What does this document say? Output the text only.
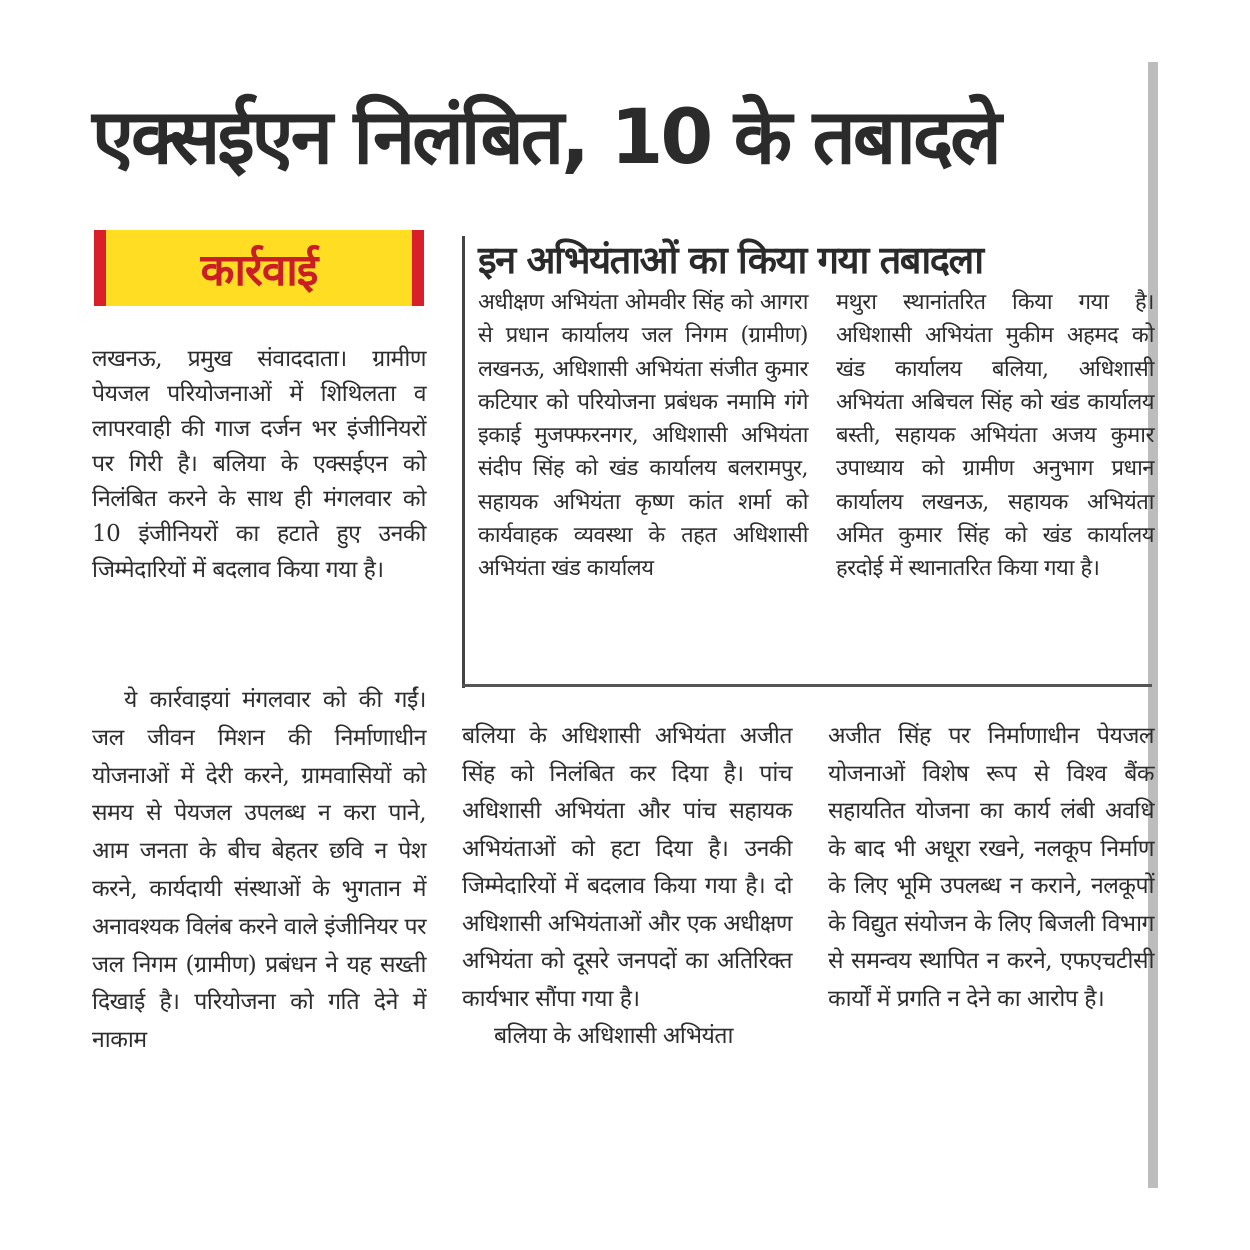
एक्सईएन निलंबित, 10 के तबादले
कार्रवाई	इन अभियंताओं का किया गया तबादला

अधीक्षण अभियंता ओमवीर सिंह को आगरा से प्रधान कार्यालय जल निगम (ग्रामीण) लखनऊ, अधिशासी अभियंता संजीत कुमार कटियार को परियोजना प्रबंधक नमामि गंगे इकाई मुजफ्फरनगर, अधिशासी अभियंता संदीप सिंह को खंड कार्यालय बलरामपुर, सहायक अभियंता कृष्ण कांत शर्मा को कार्यवाहक व्यवस्था के तहत अधिशासी अभियंता खंड कार्यालय

मथुरा स्थानांतरित किया गया है। अधिशासी अभियंता मुकीम अहमद को खंड कार्यालय बलिया, अधिशासी अभियंता अबिचल सिंह को खंड कार्यालय बस्ती, सहायक अभियंता अजय कुमार उपाध्याय को ग्रामीण अनुभाग प्रधान कार्यालय लखनऊ, सहायक अभियंता अमित कुमार सिंह को खंड कार्यालय हरदोई में स्थानातरित किया गया है।

लखनऊ, प्रमुख संवाददाता। ग्रामीण पेयजल परियोजनाओं में शिथिलता व लापरवाही की गाज दर्जन भर इंजीनियरों पर गिरी है। बलिया के एक्सईएन को निलंबित करने के साथ ही मंगलवार को 10 इंजीनियरों का हटाते हुए उनकी जिम्मेदारियों में बदलाव किया गया है।

ये कार्रवाइयां मंगलवार को की गईं। जल जीवन मिशन की निर्माणाधीन योजनाओं में देरी करने, ग्रामवासियों को समय से पेयजल उपलब्ध न करा पाने, आम जनता के बीच बेहतर छवि न पेश करने, कार्यदायी संस्थाओं के भुगतान में अनावश्यक विलंब करने वाले इंजीनियर पर जल निगम (ग्रामीण) प्रबंधन ने यह सख्ती दिखाई है। परियोजना को गति देने में नाकाम

बलिया के अधिशासी अभियंता अजीत सिंह को निलंबित कर दिया है। पांच अधिशासी अभियंता और पांच सहायक अभियंताओं को हटा दिया है। उनकी जिम्मेदारियों में बदलाव किया गया है। दो अधिशासी अभियंताओं और एक अधीक्षण अभियंता को दूसरे जनपदों का अतिरिक्त कार्यभार सौंपा गया है।

बलिया के अधिशासी अभियंता

अजीत सिंह पर निर्माणाधीन पेयजल योजनाओं विशेष रूप से विश्व बैंक सहायतित योजना का कार्य लंबी अवधि के बाद भी अधूरा रखने, नलकूप निर्माण के लिए भूमि उपलब्ध न कराने, नलकूपों के विद्युत संयोजन के लिए बिजली विभाग से समन्वय स्थापित न करने, एफएचटीसी कार्यों में प्रगति न देने का आरोप है।
